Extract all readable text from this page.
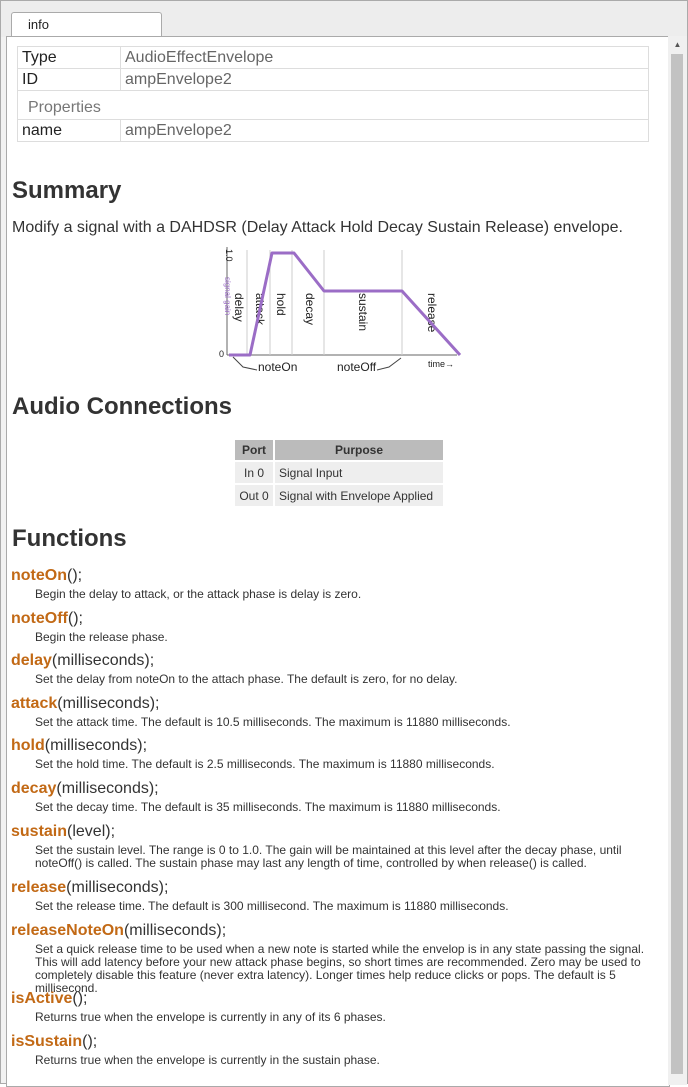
info
Type	AudioEffectEnvelope
ID	ampEnvelope2
Properties	
name	ampEnvelope2
Summary

Modify a signal with a DAHDSR (Delay Attack Hold Decay Sustain Release) envelope.

1.0
0
signal gain delay attack hold decay	sustain	release
noteOn	noteOff	time→
Audio Connections
Port	Purpose
In 0	Signal Input
Out 0	Signal with Envelope Applied
Functions
noteOn();
Begin the delay to attack, or the attack phase is delay is zero.
noteOff();
Begin the release phase.
delay(milliseconds);
Set the delay from noteOn to the attach phase. The default is zero, for no delay.
attack(milliseconds);
Set the attack time. The default is 10.5 milliseconds. The maximum is 11880 milliseconds.
hold(milliseconds);
Set the hold time. The default is 2.5 milliseconds. The maximum is 11880 milliseconds.
decay(milliseconds);
Set the decay time. The default is 35 milliseconds. The maximum is 11880 milliseconds.
sustain(level);
Set the sustain level. The range is 0 to 1.0. The gain will be maintained at this level after the decay phase, until noteOff() is called. The sustain phase may last any length of time, controlled by when release() is called.
release(milliseconds);
Set the release time. The default is 300 millisecond. The maximum is 11880 milliseconds.
releaseNoteOn(milliseconds);
Set a quick release time to be used when a new note is started while the envelop is in any state passing the signal. This will add latency before your new attack phase begins, so short times are recommended. Zero may be used to completely disable this feature (never extra latency). Longer times help reduce clicks or pops. The default is 5 millisecond.
isActive();
Returns true when the envelope is currently in any of its 6 phases.
isSustain();
Returns true when the envelope is currently in the sustain phase.
▲
